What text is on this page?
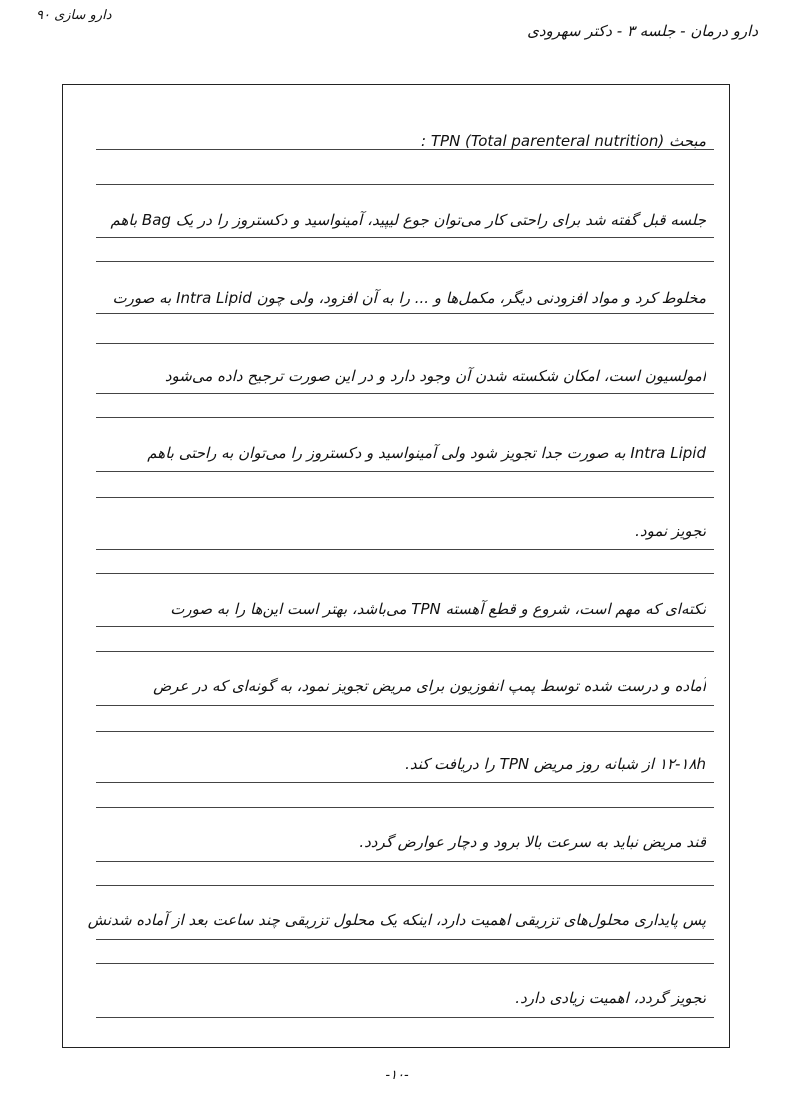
دارو سازی ۹۰
دارو درمان - جلسه ۳ - دکتر سهرودی
مبحث TPN (Total parenteral nutrition) :
جلسه قبل گفته شد برای راحتی کار می‌توان جوع لیپید، آمینواسید و دکستروز را در یک Bag باهم
مخلوط کرد و مواد افزودنی دیگر، مکمل‌ها و ... را به آن افزود، ولی چون Intra Lipid به صورت
امولسیون است، امکان شکسته شدن آن وجود دارد و در این صورت ترجیح داده می‌شود
Intra Lipid به صورت جدا تجویز شود ولی آمینواسید و دکستروز را می‌توان به راحتی باهم
تجویز نمود.
نکته‌ای که مهم است، شروع و قطع آهسته TPN می‌باشد، بهتر است این‌ها را به صورت
آماده و درست شده توسط پمپ انفوزیون برای مریض تجویز نمود، به گونه‌ای که در عرض
۱۲-۱۸h از شبانه روز مریض TPN را دریافت کند.
قند مریض نباید به سرعت بالا برود و دچار عوارض گردد.
پس پایداری محلول‌های تزریقی اهمیت دارد، اینکه یک محلول تزریقی چند ساعت بعد از آماده شدنش
تجویز گردد، اهمیت زیادی دارد.
-۱۰-
